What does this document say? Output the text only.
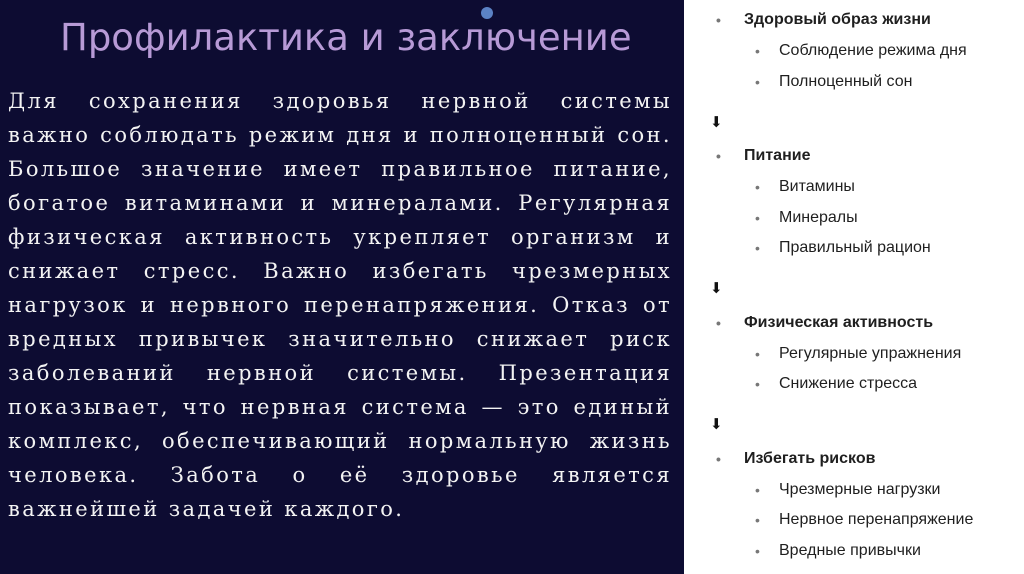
Профилактика и заключение

Для сохранения здоровья нервной системы важно соблюдать режим дня и полноценный сон. Большое значение имеет правильное питание, богатое витаминами и минералами. Регулярная физическая активность укрепляет организм и снижает стресс. Важно избегать чрезмерных нагрузок и нервного перенапряжения. Отказ от вредных привычек значительно снижает риск заболеваний нервной системы. Презентация показывает, что нервная система — это единый комплекс, обеспечивающий нормальную жизнь человека. Забота о её здоровье является важнейшей задачей каждого.

• Здоровый образ жизни
• Соблюдение режима дня
• Полноценный сон
⬇
• Питание
• Витамины
• Минералы
• Правильный рацион
⬇
• Физическая активность
• Регулярные упражнения
• Снижение стресса
⬇
• Избегать рисков
• Чрезмерные нагрузки
• Нервное перенапряжение
• Вредные привычки
